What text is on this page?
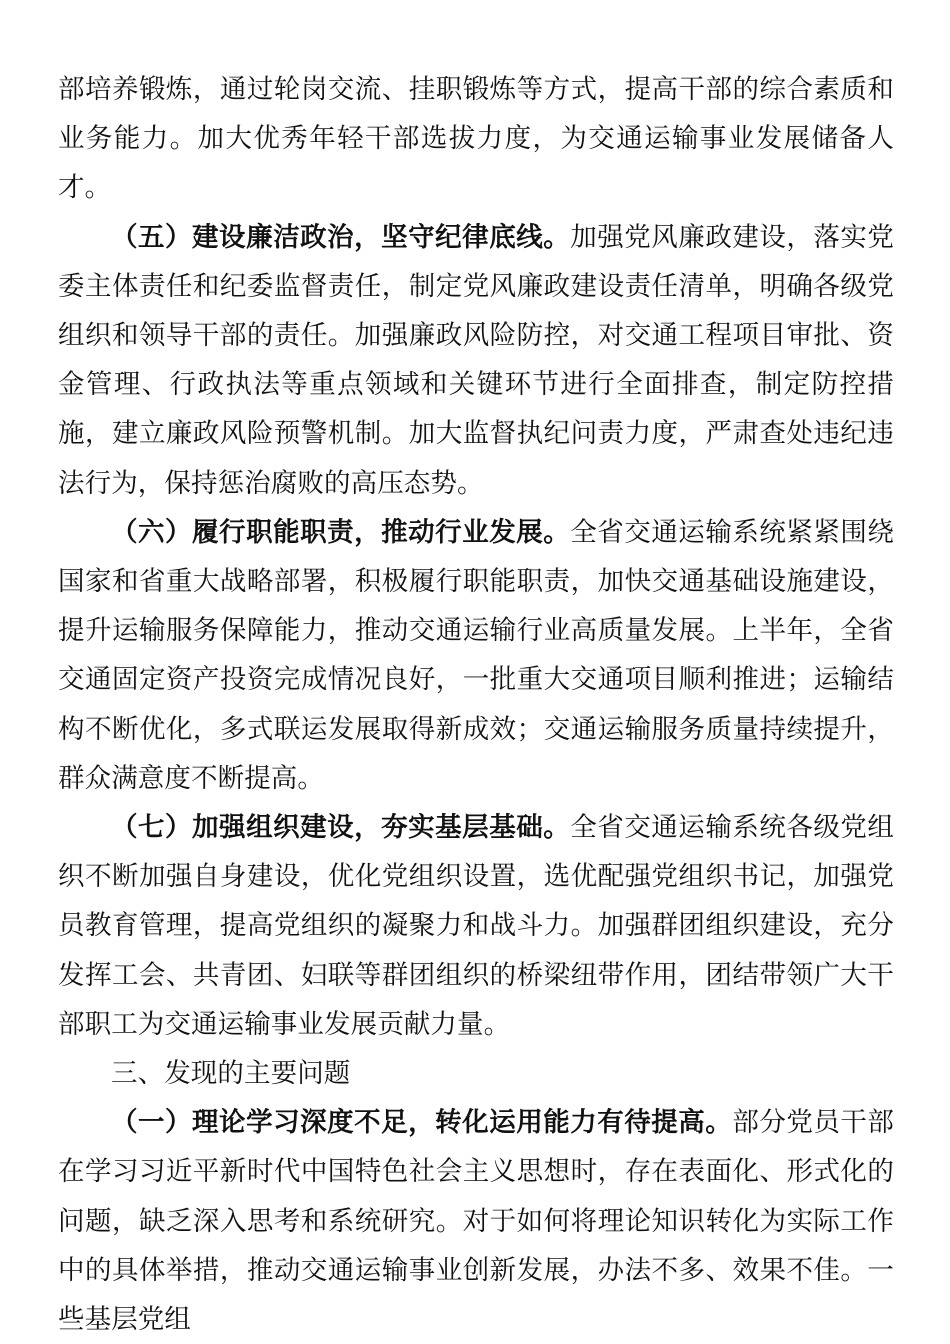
部培养锻炼，通过轮岗交流、挂职锻炼等方式，提高干部的综合素质和业务能力。加大优秀年轻干部选拔力度，为交通运输事业发展储备人才。

（五）建设廉洁政治，坚守纪律底线。加强党风廉政建设，落实党委主体责任和纪委监督责任，制定党风廉政建设责任清单，明确各级党组织和领导干部的责任。加强廉政风险防控，对交通工程项目审批、资金管理、行政执法等重点领域和关键环节进行全面排查，制定防控措施，建立廉政风险预警机制。加大监督执纪问责力度，严肃查处违纪违法行为，保持惩治腐败的高压态势。

（六）履行职能职责，推动行业发展。全省交通运输系统紧紧围绕国家和省重大战略部署，积极履行职能职责，加快交通基础设施建设，提升运输服务保障能力，推动交通运输行业高质量发展。上半年，全省交通固定资产投资完成情况良好，一批重大交通项目顺利推进；运输结构不断优化，多式联运发展取得新成效；交通运输服务质量持续提升，群众满意度不断提高。

（七）加强组织建设，夯实基层基础。全省交通运输系统各级党组织不断加强自身建设，优化党组织设置，选优配强党组织书记，加强党员教育管理，提高党组织的凝聚力和战斗力。加强群团组织建设，充分发挥工会、共青团、妇联等群团组织的桥梁纽带作用，团结带领广大干部职工为交通运输事业发展贡献力量。

三、发现的主要问题

（一）理论学习深度不足，转化运用能力有待提高。部分党员干部在学习习近平新时代中国特色社会主义思想时，存在表面化、形式化的问题，缺乏深入思考和系统研究。对于如何将理论知识转化为实际工作中的具体举措，推动交通运输事业创新发展，办法不多、效果不佳。一些基层党组
